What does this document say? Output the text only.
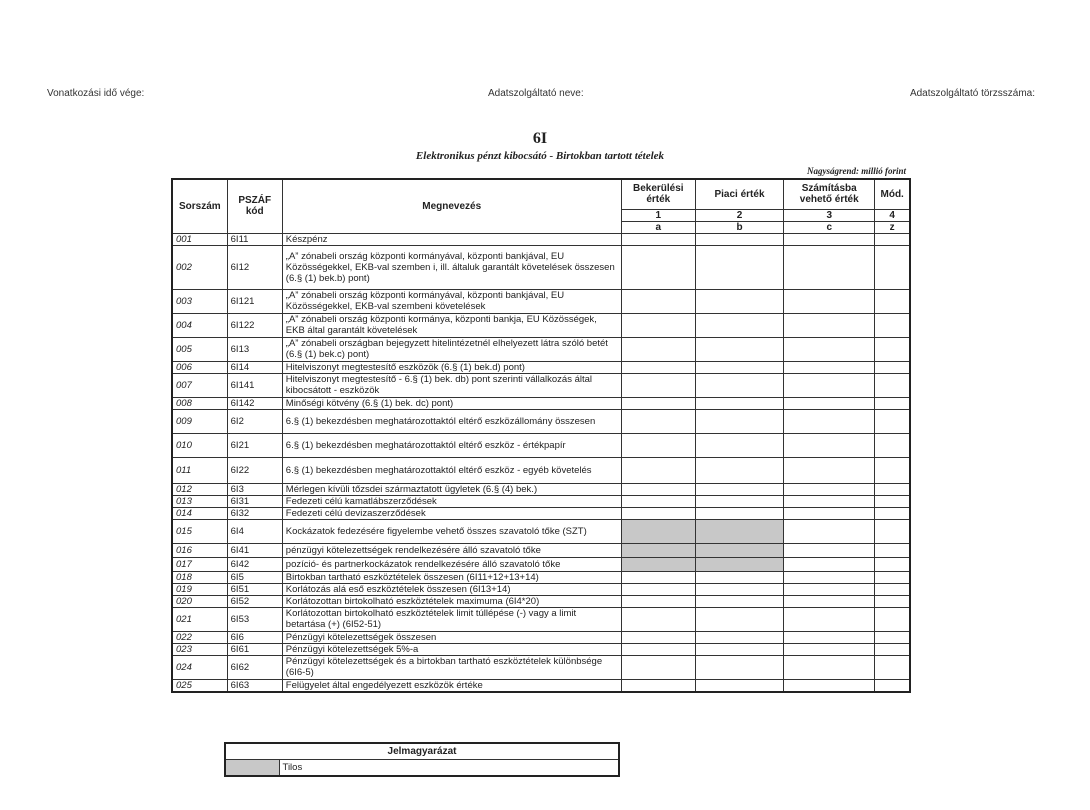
Vonatkozási idő vége:	Adatszolgáltató neve:	Adatszolgáltató törzsszáma:
6I
Elektronikus pénzt kibocsátó - Birtokban tartott tételek
Nagyságrend: millió forint
Sorszám	PSZÁF kód	Megnevezés	Bekerülési érték	Piaci érték	Számításba vehető érték	Mód.
			1	2	3	4
			a	b	c	z
001	6I11	Készpénz				
002	6I12	„A” zónabeli ország központi kormányával, központi bankjával, EU Közösségekkel, EKB-val szemben i, ill. általuk garantált követelések összesen (6.§ (1) bek.b) pont)				
003	6I121	„A” zónabeli ország központi kormányával, központi bankjával, EU Közösségekkel, EKB-val szembeni követelések				
004	6I122	„A” zónabeli ország központi kormánya, központi bankja, EU Közösségek, EKB által garantált követelések				
005	6I13	„A” zónabeli országban bejegyzett hitelintézetnél elhelyezett látra szóló betét (6.§ (1) bek.c) pont)				
006	6I14	Hitelviszonyt megtestesítő eszközök (6.§ (1) bek.d) pont)				
007	6I141	Hitelviszonyt megtestesítő - 6.§ (1) bek. db) pont szerinti vállalkozás által kibocsátott - eszközök				
008	6I142	Minőségi kötvény (6.§ (1) bek. dc) pont)				
009	6I2	6.§ (1) bekezdésben meghatározottaktól eltérő eszközállomány összesen				
010	6I21	6.§ (1) bekezdésben meghatározottaktól eltérő eszköz - értékpapír				
011	6I22	6.§ (1) bekezdésben meghatározottaktól eltérő eszköz - egyéb követelés				
012	6I3	Mérlegen kívüli tőzsdei származtatott ügyletek (6.§ (4) bek.)				
013	6I31	Fedezeti célú kamatlábszerződések				
014	6I32	Fedezeti célú devizaszerződések				
015	6I4	Kockázatok fedezésére figyelembe vehető összes szavatoló tőke (SZT)				
016	6I41	pénzügyi kötelezettségek rendelkezésére álló szavatoló tőke				
017	6I42	pozíció- és partnerkockázatok rendelkezésére álló szavatoló tőke				
018	6I5	Birtokban tartható eszköztételek összesen (6I11+12+13+14)				
019	6I51	Korlátozás alá eső eszköztételek összesen (6I13+14)				
020	6I52	Korlátozottan birtokolható eszköztételek maximuma (6I4*20)				
021	6I53	Korlátozottan birtokolható eszköztételek limit túllépése (-) vagy a limit betartása (+) (6I52-51)				
022	6I6	Pénzügyi kötelezettségek összesen				
023	6I61	Pénzügyi kötelezettségek 5%-a				
024	6I62	Pénzügyi kötelezettségek és a birtokban tartható eszköztételek különbsége (6I6-5)				
025	6I63	Felügyelet által engedélyezett eszközök értéke				
Jelmagyarázat
	Tilos
